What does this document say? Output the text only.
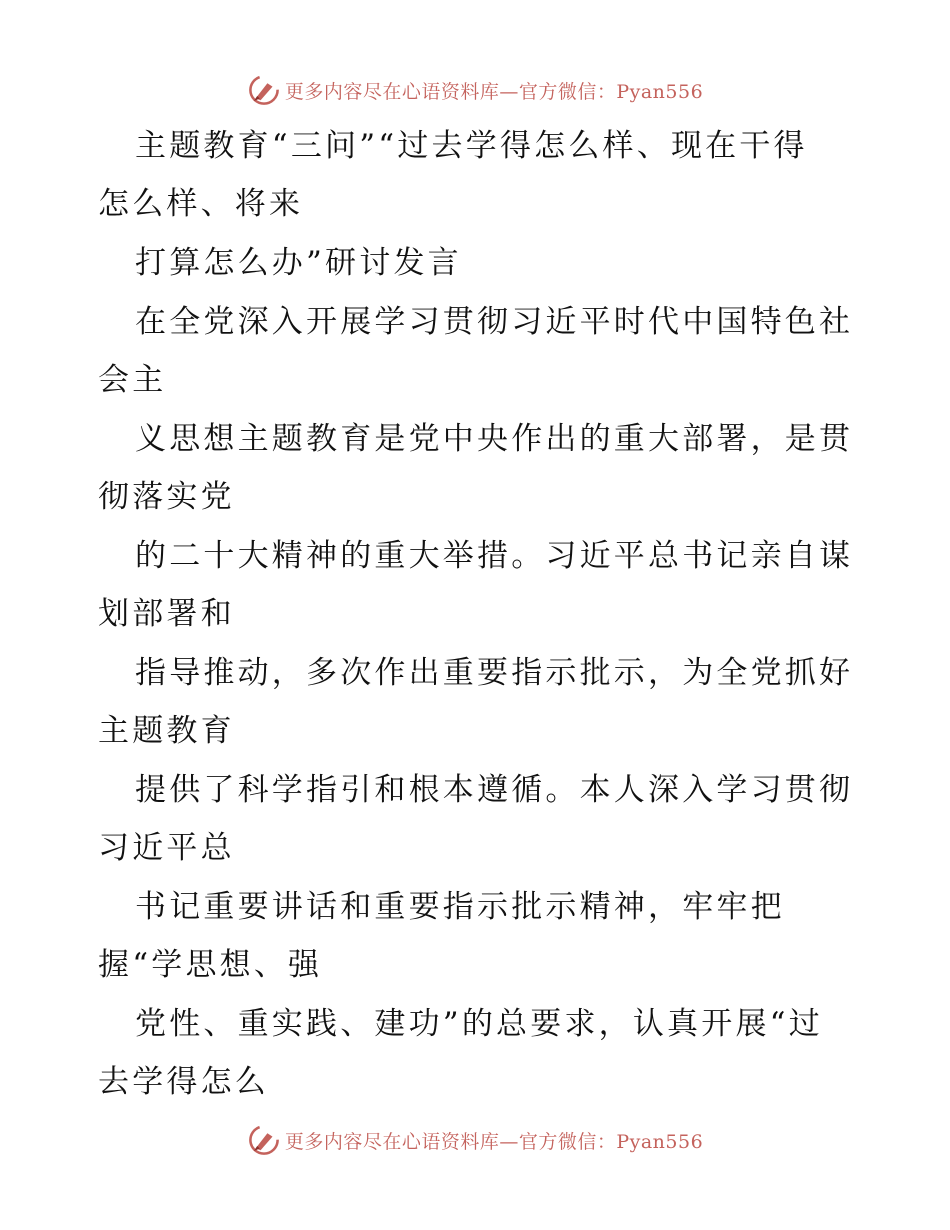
更多内容尽在心语资料库—官方微信：Pyan556
主题教育“三问”“过去学得怎么样、现在干得
怎么样、将来
打算怎么办”研讨发言
在全党深入开展学习贯彻习近平时代中国特色社
会主
义思想主题教育是党中央作出的重大部署，是贯
彻落实党
的二十大精神的重大举措。习近平总书记亲自谋
划部署和
指导推动，多次作出重要指示批示，为全党抓好
主题教育
提供了科学指引和根本遵循。本人深入学习贯彻
习近平总
书记重要讲话和重要指示批示精神，牢牢把
握“学思想、强
党性、重实践、建功”的总要求，认真开展“过
去学得怎么
更多内容尽在心语资料库—官方微信：Pyan556
